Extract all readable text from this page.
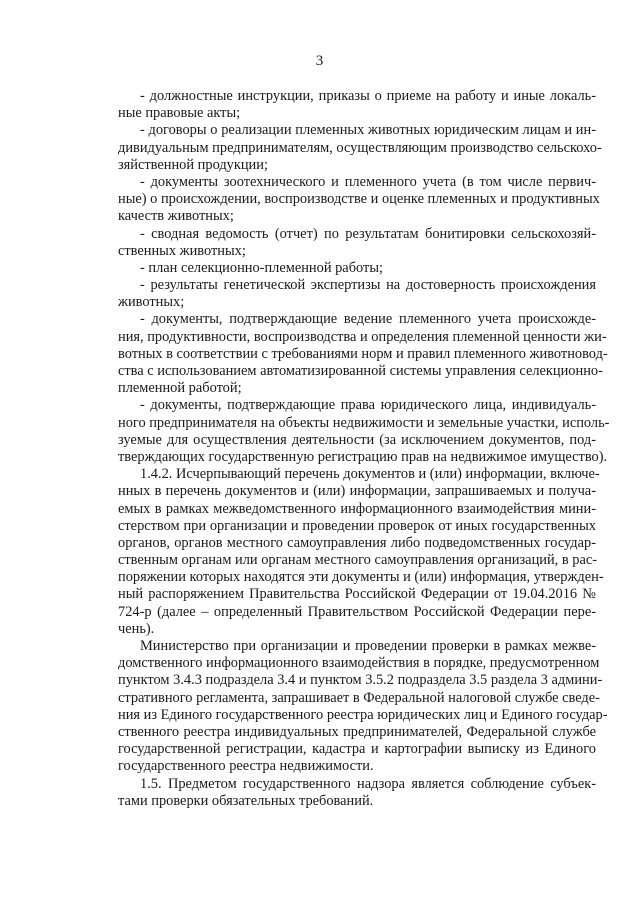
3
- должностные инструкции, приказы о приеме на работу и иные локаль-
ные правовые акты;
- договоры о реализации племенных животных юридическим лицам и ин-
дивидуальным предпринимателям, осуществляющим производство сельскохо-
зяйственной продукции;
- документы зоотехнического и племенного учета (в том числе первич-
ные) о происхождении, воспроизводстве и оценке племенных и продуктивных
качеств животных;
- сводная ведомость (отчет) по результатам бонитировки сельскохозяй-
ственных животных;
- план селекционно-племенной работы;
- результаты генетической экспертизы на достоверность происхождения
животных;
- документы, подтверждающие ведение племенного учета происхожде-
ния, продуктивности, воспроизводства и определения племенной ценности жи-
вотных в соответствии с требованиями норм и правил племенного животновод-
ства с использованием автоматизированной системы управления селекционно-
племенной работой;
- документы, подтверждающие права юридического лица, индивидуаль-
ного предпринимателя на объекты недвижимости и земельные участки, исполь-
зуемые для осуществления деятельности (за исключением документов, под-
тверждающих государственную регистрацию прав на недвижимое имущество).
1.4.2. Исчерпывающий перечень документов и (или) информации, включе-
нных в перечень документов и (или) информации, запрашиваемых и получа-
емых в рамках межведомственного информационного взаимодействия мини-
стерством при организации и проведении проверок от иных государственных
органов, органов местного самоуправления либо подведомственных государ-
ственным органам или органам местного самоуправления организаций, в рас-
поряжении которых находятся эти документы и (или) информация, утвержден-
ный распоряжением Правительства Российской Федерации от 19.04.2016 №
724-р (далее – определенный Правительством Российской Федерации пере-
чень).
Министерство при организации и проведении проверки в рамках межве-
домственного информационного взаимодействия в порядке, предусмотренном
пунктом 3.4.3 подраздела 3.4 и пунктом 3.5.2 подраздела 3.5 раздела 3 админи-
стративного регламента, запрашивает в Федеральной налоговой службе сведе-
ния из Единого государственного реестра юридических лиц и Единого государ-
ственного реестра индивидуальных предпринимателей, Федеральной службе
государственной регистрации, кадастра и картографии выписку из Единого
государственного реестра недвижимости.
1.5. Предметом государственного надзора является соблюдение субъек-
тами проверки обязательных требований.
